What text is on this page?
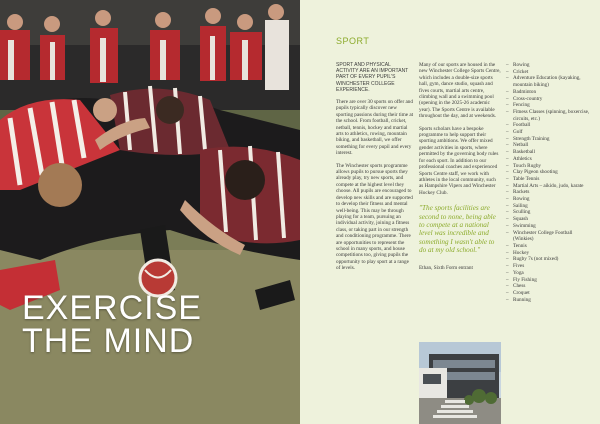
EXERCISE
THE MIND
SPORT

SPORT AND PHYSICAL ACTIVITY ARE AN IMPORTANT PART OF EVERY PUPIL'S WINCHESTER COLLEGE EXPERIENCE.

There are over 30 sports on offer and pupils typically discover new sporting passions during their time at the school. From football, cricket, netball, tennis, hockey and martial arts to athletics, rowing, mountain biking, and basketball, we offer something for every pupil and every interest.

The Winchester sports programme allows pupils to pursue sports they already play, try new sports, and compete at the highest level they choose. All pupils are encouraged to develop new skills and are supported to develop their fitness and mental well-being. This may be through playing for a team, pursuing an individual activity, joining a fitness class, or taking part in our strength and conditioning programme. There are opportunities to represent the school in many sports, and house competitions too, giving pupils the opportunity to play sport at a range of levels.

Many of our sports are housed in the new Winchester College Sports Centre, which includes a double-size sports hall, gym, dance studio, squash and fives courts, martial arts centre, climbing wall and a swimming pool (opening in the 2025-26 academic year). The Sports Centre is available throughout the day, and at weekends.

Sports scholars have a bespoke programme to help support their sporting ambitions. We offer mixed gender activities in sports, where permitted by the governing body rules for each sport. In addition to our professional coaches and experienced Sports Centre staff, we work with athletes in the local community, such as Hampshire Vipers and Winchester Hockey Club.

"The sports facilities are second to none, being able to compete at a national level was incredible and something I wasn't able to do at my old school."
Ethan, Sixth Form entrant
– Rowing
– Cricket
– Adventure Education (kayaking, mountain biking)
– Badminton
– Cross-country
– Fencing
– Fitness Classes (spinning, boxercise, circuits, etc.)
– Football
– Golf
– Strength Training
– Netball
– Basketball
– Athletics
– Touch Rugby
– Clay Pigeon shooting
– Table Tennis
– Martial Arts – aikido, judo, karate
– Rackets
– Rowing
– Sailing
– Sculling
– Squash
– Swimming
– Winchester College Football (Winkies)
– Tennis
– Hockey
– Rugby 7s (not mixed)
– Fives
– Yoga
– Fly Fishing
– Chess
– Croquet
– Running
